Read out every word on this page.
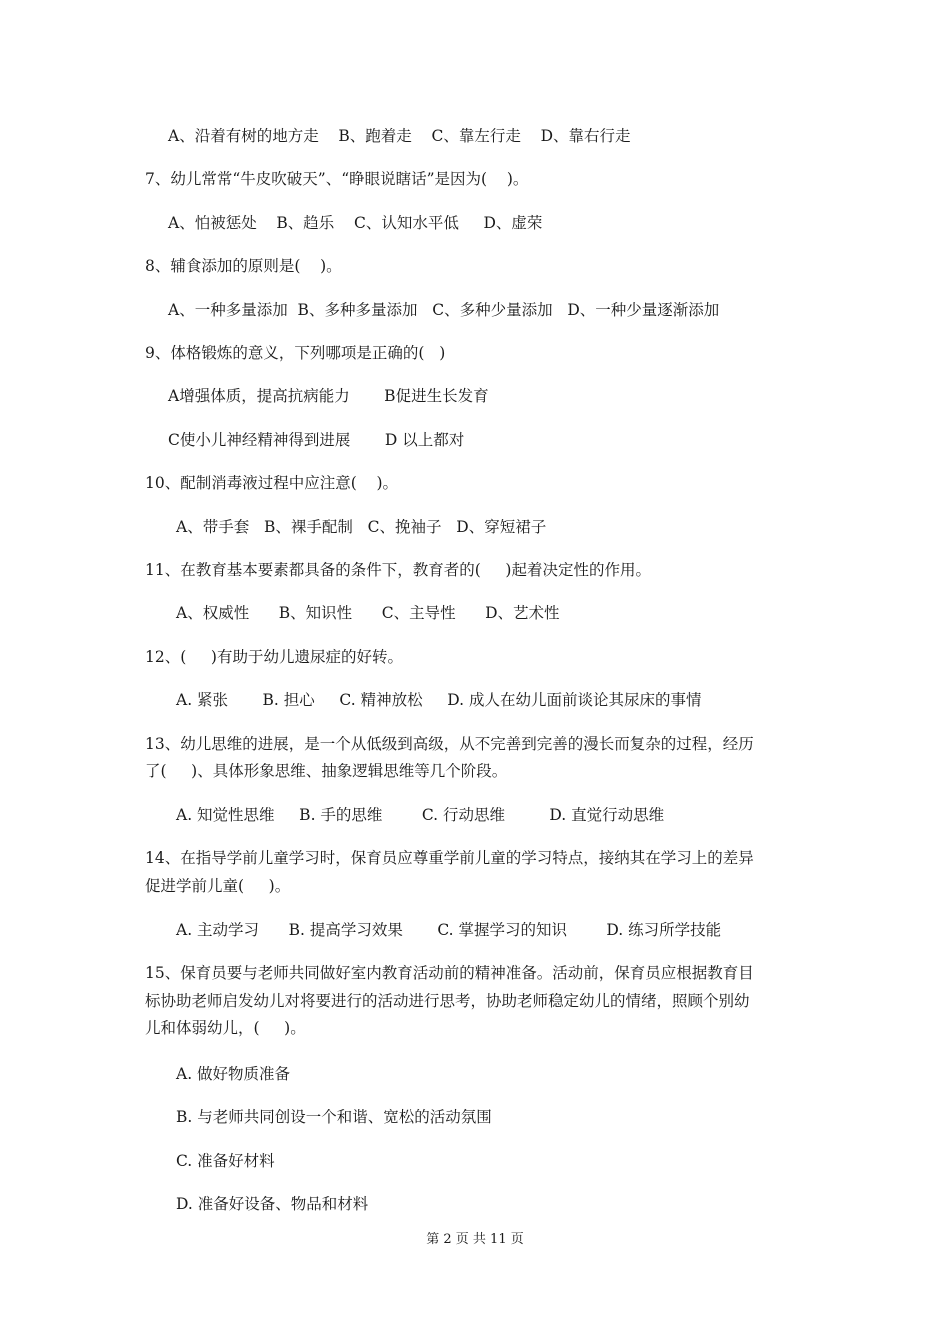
A、沿着有树的地方走    B、跑着走    C、靠左行走    D、靠右行走
7、幼儿常常“牛皮吹破天”、“睁眼说瞎话”是因为(    )。
A、怕被惩处    B、趋乐    C、认知水平低     D、虚荣
8、辅食添加的原则是(    )。
A、一种多量添加  B、多种多量添加   C、多种少量添加   D、一种少量逐渐添加
9、体格锻炼的意义，下列哪项是正确的(   )
A增强体质，提高抗病能力       B促进生长发育
C使小儿神经精神得到进展       D 以上都对
10、配制消毒液过程中应注意(    )。
A、带手套   B、裸手配制   C、挽袖子   D、穿短裙子
11、在教育基本要素都具备的条件下，教育者的(     )起着决定性的作用。
A、权威性      B、知识性      C、主导性      D、艺术性
12、(     )有助于幼儿遗尿症的好转。
A. 紧张       B. 担心     C. 精神放松     D. 成人在幼儿面前谈论其尿床的事情
13、幼儿思维的进展，是一个从低级到高级，从不完善到完善的漫长而复杂的过程，经历
了(     )、具体形象思维、抽象逻辑思维等几个阶段。
A. 知觉性思维     B. 手的思维        C. 行动思维         D. 直觉行动思维
14、在指导学前儿童学习时，保育员应尊重学前儿童的学习特点，接纳其在学习上的差异
促进学前儿童(     )。
A. 主动学习      B. 提高学习效果       C. 掌握学习的知识        D. 练习所学技能
15、保育员要与老师共同做好室内教育活动前的精神准备。活动前，保育员应根据教育目
标协助老师启发幼儿对将要进行的活动进行思考，协助老师稳定幼儿的情绪，照顾个别幼
儿和体弱幼儿，(     )。
A. 做好物质准备
B. 与老师共同创设一个和谐、宽松的活动氛围
C. 准备好材料
D. 准备好设备、物品和材料
第 2 页 共 11 页
